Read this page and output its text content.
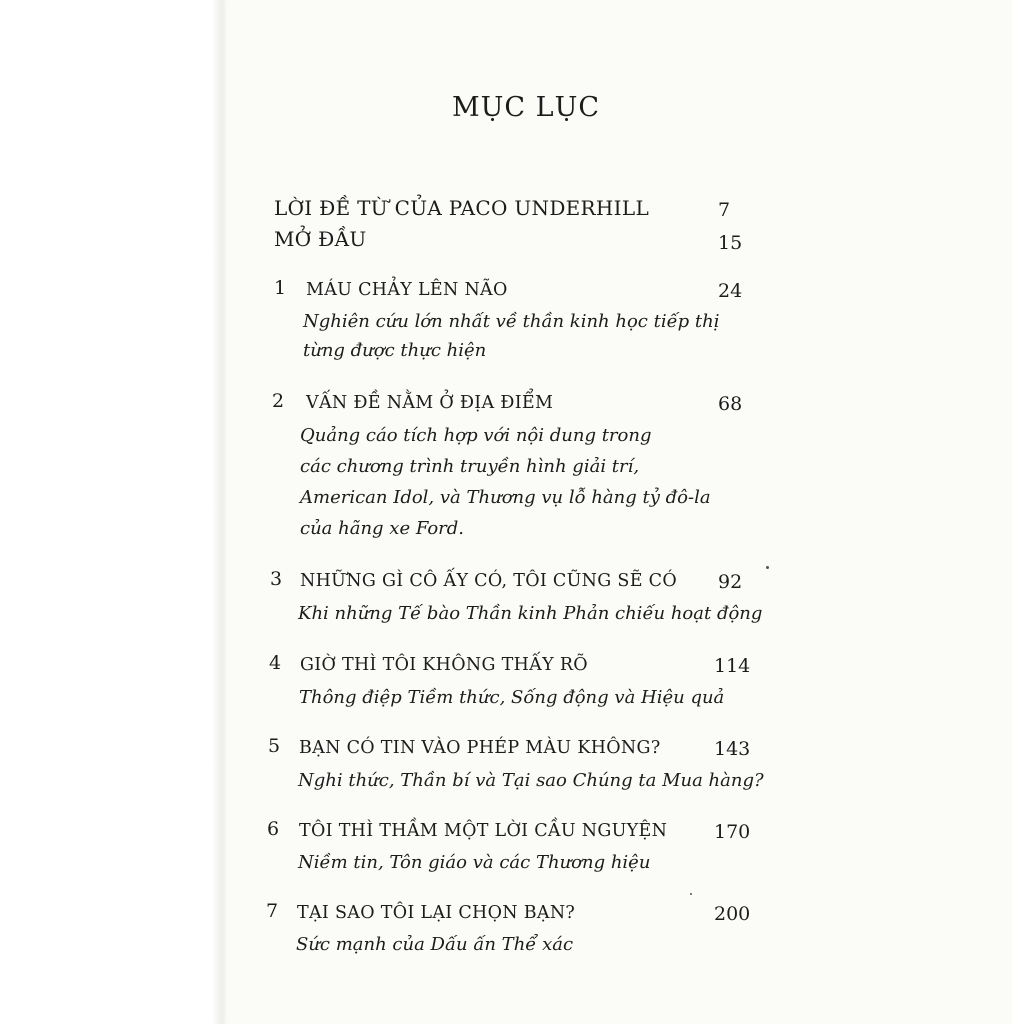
MỤC LỤC
LỜI ĐỀ TỪ CỦA PACO UNDERHILL	7
MỞ ĐẦU	15
1 MÁU CHẢY LÊN NÃO	24
Nghiên cứu lớn nhất về thần kinh học tiếp thị
từng được thực hiện
2 VẤN ĐỀ NẰM Ở ĐỊA ĐIỂM	68
Quảng cáo tích hợp với nội dung trong
các chương trình truyền hình giải trí,
American Idol, và Thương vụ lỗ hàng tỷ đô-la
của hãng xe Ford.
3 NHỮNG GÌ CÔ ẤY CÓ, TÔI CŨNG SẼ CÓ 92
Khi những Tế bào Thần kinh Phản chiếu hoạt động
4 GIỜ THÌ TÔI KHÔNG THẤY RÕ	114
Thông điệp Tiềm thức, Sống động và Hiệu quả
5 BẠN CÓ TIN VÀO PHÉP MÀU KHÔNG?	143
Nghi thức, Thần bí và Tại sao Chúng ta Mua hàng?
6 TÔI THÌ THẦM MỘT LỜI CẦU NGUYỆN 170
Niềm tin, Tôn giáo và các Thương hiệu
7 TẠI SAO TÔI LẠI CHỌN BẠN?	200
Sức mạnh của Dấu ấn Thể xác
